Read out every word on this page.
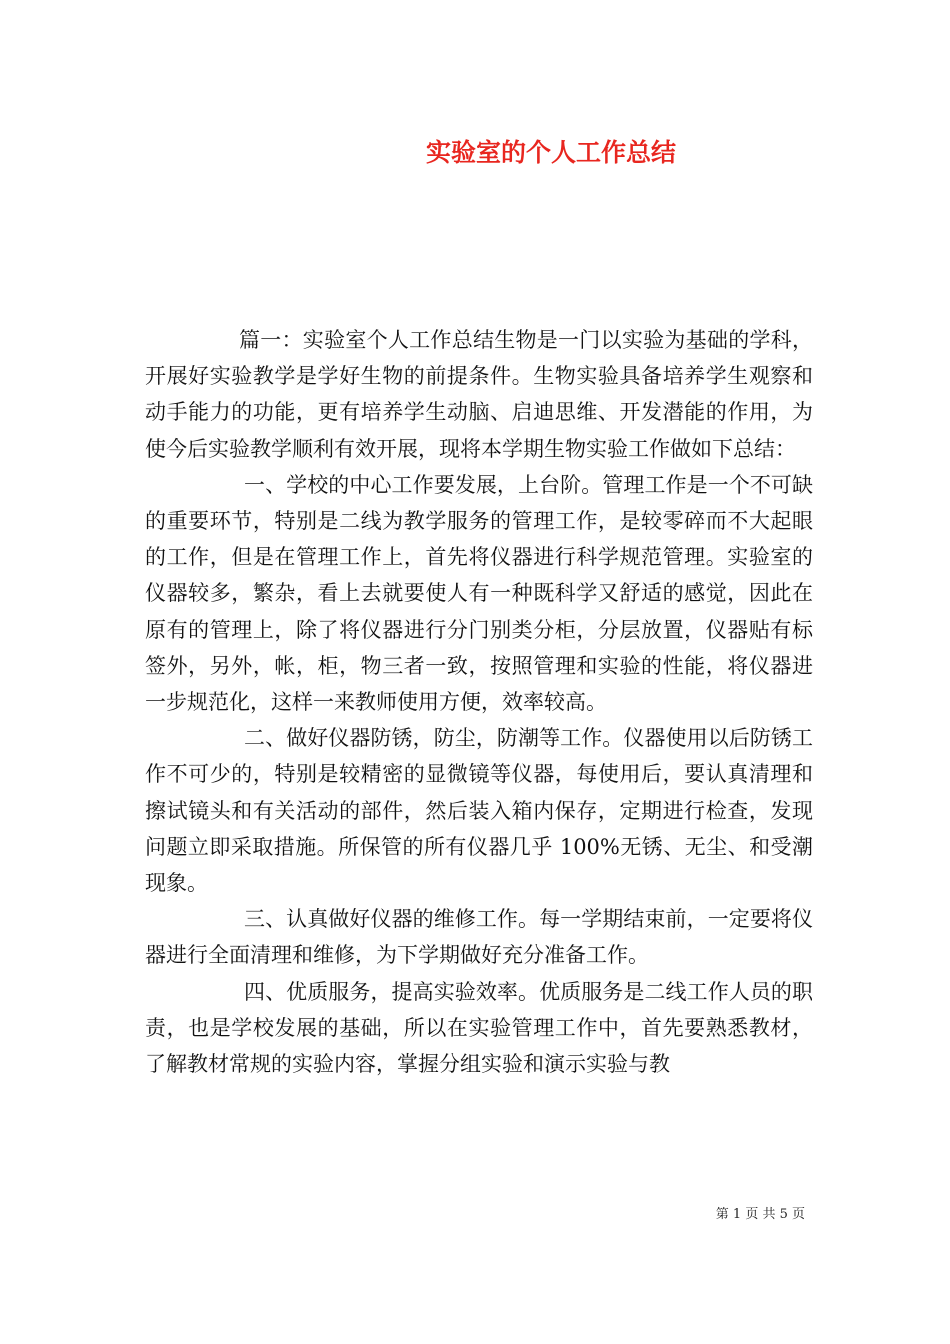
实验室的个人工作总结

篇一：实验室个人工作总结生物是一门以实验为基础的学科，开展好实验教学是学好生物的前提条件。生物实验具备培养学生观察和动手能力的功能，更有培养学生动脑、启迪思维、开发潜能的作用，为使今后实验教学顺利有效开展，现将本学期生物实验工作做如下总结：

一、学校的中心工作要发展，上台阶。管理工作是一个不可缺的重要环节，特别是二线为教学服务的管理工作，是较零碎而不大起眼的工作，但是在管理工作上，首先将仪器进行科学规范管理。实验室的仪器较多，繁杂，看上去就要使人有一种既科学又舒适的感觉，因此在原有的管理上，除了将仪器进行分门别类分柜，分层放置，仪器贴有标签外，另外，帐，柜，物三者一致，按照管理和实验的性能，将仪器进一步规范化，这样一来教师使用方便，效率较高。

二、做好仪器防锈，防尘，防潮等工作。仪器使用以后防锈工作不可少的，特别是较精密的显微镜等仪器，每使用后，要认真清理和擦试镜头和有关活动的部件，然后装入箱内保存，定期进行检查，发现问题立即采取措施。所保管的所有仪器几乎 100%无锈、无尘、和受潮现象。

三、认真做好仪器的维修工作。每一学期结束前，一定要将仪器进行全面清理和维修，为下学期做好充分准备工作。

四、优质服务，提高实验效率。优质服务是二线工作人员的职责，也是学校发展的基础，所以在实验管理工作中，首先要熟悉教材，了解教材常规的实验内容，掌握分组实验和演示实验与教

第 1 页 共 5 页
